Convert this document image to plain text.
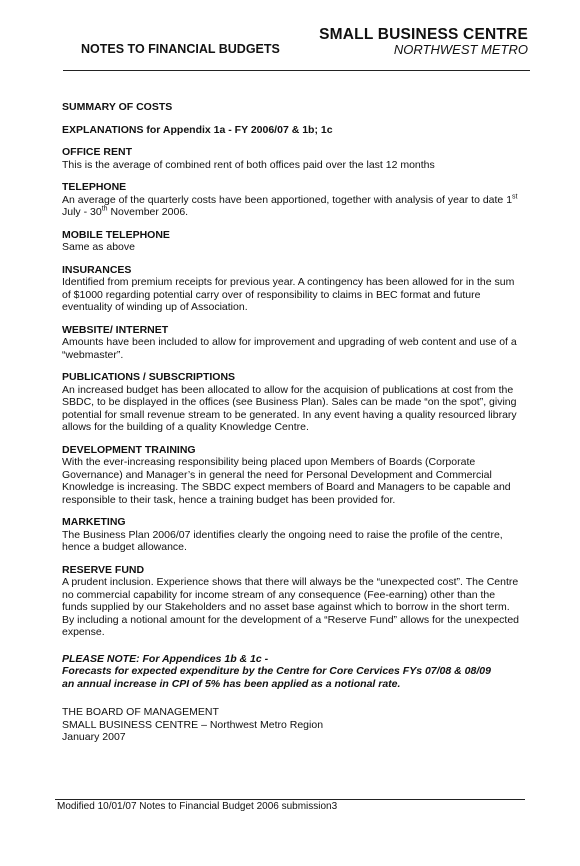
SMALL BUSINESS CENTRE
NORTHWEST METRO
NOTES TO FINANCIAL BUDGETS

SUMMARY OF COSTS

EXPLANATIONS for Appendix 1a - FY 2006/07 & 1b; 1c

OFFICE RENT

This is the average of combined rent of both offices paid over the last 12 months

TELEPHONE

An average of the quarterly costs have been apportioned, together with analysis of year to date 1st
July - 30th November 2006.

MOBILE TELEPHONE

Same as above

INSURANCES

Identified from premium receipts for previous year. A contingency has been allowed for in the sum of $1000 regarding potential carry over of responsibility to claims in BEC format and future eventuality of winding up of Association.

WEBSITE/ INTERNET

Amounts have been included to allow for improvement and upgrading of web content and use of a “webmaster”.

PUBLICATIONS / SUBSCRIPTIONS

An increased budget has been allocated to allow for the acquision of publications at cost from the SBDC, to be displayed in the offices (see Business Plan). Sales can be made “on the spot”, giving potential for small revenue stream to be generated. In any event having a quality resourced library allows for the building of a quality Knowledge Centre.

DEVELOPMENT TRAINING

With the ever-increasing responsibility being placed upon Members of Boards (Corporate Governance) and Manager’s in general the need for Personal Development and Commercial Knowledge is increasing. The SBDC expect members of Board and Managers to be capable and responsible to their task, hence a training budget has been provided for.

MARKETING

The Business Plan 2006/07 identifies clearly the ongoing need to raise the profile of the centre, hence a budget allowance.

RESERVE FUND

A prudent inclusion. Experience shows that there will always be the “unexpected cost”. The Centre no commercial capability for income stream of any consequence (Fee-earning) other than the funds supplied by our Stakeholders and no asset base against which to borrow in the short term. By including a notional amount for the development of a “Reserve Fund” allows for the unexpected expense.

PLEASE NOTE: For Appendices 1b & 1c -

Forecasts for expected expenditure by the Centre for Core Cervices FYs 07/08 & 08/09

an annual increase in CPI of 5% has been applied as a notional rate.

THE BOARD OF MANAGEMENT

SMALL BUSINESS CENTRE – Northwest Metro Region

January 2007

Modified 10/01/07 Notes to Financial Budget 2006 submission3
